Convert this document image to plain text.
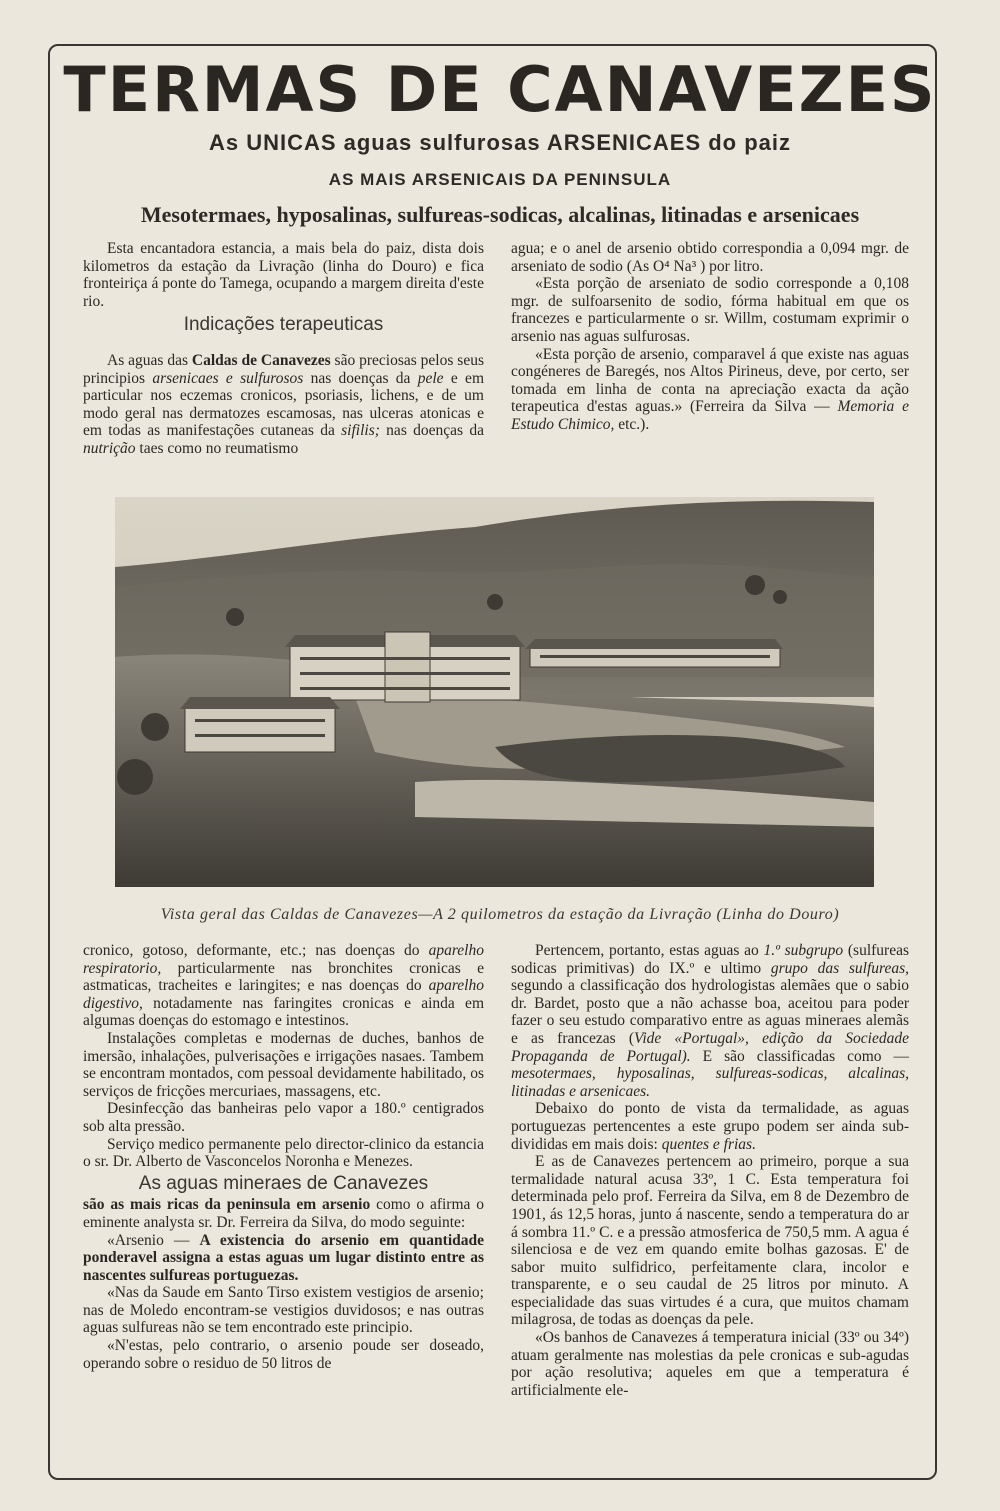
TERMAS DE CANAVEZES
As UNICAS aguas sulfurosas ARSENICAES do paiz
AS MAIS ARSENICAIS DA PENINSULA
Mesotermaes, hyposalinas, sulfureas-sodicas, alcalinas, litinadas e arsenicaes

Esta encantadora estancia, a mais bela do paiz, dista dois kilometros da estação da Livração (linha do Douro) e fica fronteiriça á ponte do Tamega, ocupando a margem direita d'este rio.

Indicações terapeuticas

As aguas das Caldas de Canavezes são preciosas pelos seus principios arsenicaes e sulfurosos nas doenças da pele e em particular nos eczemas cronicos, psoriasis, lichens, e de um modo geral nas dermatozes escamosas, nas ulceras atonicas e em todas as manifestações cutaneas da sifilis; nas doenças da nutrição taes como no reumatismo

agua; e o anel de arsenio obtido correspondia a 0,094 mgr. de arseniato de sodio (As O⁴ Na³ ) por litro.

«Esta porção de arseniato de sodio corresponde a 0,108 mgr. de sulfoarsenito de sodio, fórma habitual em que os francezes e particularmente o sr. Willm, costumam exprimir o arsenio nas aguas sulfurosas.

«Esta porção de arsenio, comparavel á que existe nas aguas congéneres de Baregés, nos Altos Pirineus, deve, por certo, ser tomada em linha de conta na apreciação exacta da ação terapeutica d'estas aguas.» (Ferreira da Silva — Memoria e Estudo Chimico, etc.).

Vista geral das Caldas de Canavezes—A 2 quilometros da estação da Livração (Linha do Douro)

cronico, gotoso, deformante, etc.; nas doenças do aparelho respiratorio, particularmente nas bronchites cronicas e astmaticas, tracheites e laringites; e nas doenças do aparelho digestivo, notadamente nas faringites cronicas e ainda em algumas doenças do estomago e intestinos.

Instalações completas e modernas de duches, banhos de imersão, inhalações, pulverisações e irrigações nasaes. Tambem se encontram montados, com pessoal devidamente habilitado, os serviços de fricções mercuriaes, massagens, etc.

Desinfecção das banheiras pelo vapor a 180.º centigrados sob alta pressão.

Serviço medico permanente pelo director-clinico da estancia o sr. Dr. Alberto de Vasconcelos Noronha e Menezes.

As aguas mineraes de Canavezes

são as mais ricas da peninsula em arsenio como o afirma o eminente analysta sr. Dr. Ferreira da Silva, do modo seguinte:

«Arsenio — A existencia do arsenio em quantidade ponderavel assigna a estas aguas um lugar distinto entre as nascentes sulfureas portuguezas.

«Nas da Saude em Santo Tirso existem vestigios de arsenio; nas de Moledo encontram-se vestigios duvidosos; e nas outras aguas sulfureas não se tem encontrado este principio.

«N'estas, pelo contrario, o arsenio poude ser doseado, operando sobre o residuo de 50 litros de

Pertencem, portanto, estas aguas ao 1.º subgrupo (sulfureas sodicas primitivas) do IX.º e ultimo grupo das sulfureas, segundo a classificação dos hydrologistas alemães que o sabio dr. Bardet, posto que a não achasse boa, aceitou para poder fazer o seu estudo comparativo entre as aguas mineraes alemãs e as francezas (Vide «Portugal», edição da Sociedade Propaganda de Portugal). E são classificadas como — mesotermaes, hyposalinas, sulfureas-sodicas, alcalinas, litinadas e arsenicaes.

Debaixo do ponto de vista da termalidade, as aguas portuguezas pertencentes a este grupo podem ser ainda sub-divididas em mais dois: quentes e frias.

E as de Canavezes pertencem ao primeiro, porque a sua termalidade natural acusa 33º, 1 C. Esta temperatura foi determinada pelo prof. Ferreira da Silva, em 8 de Dezembro de 1901, ás 12,5 horas, junto á nascente, sendo a temperatura do ar á sombra 11.º C. e a pressão atmosferica de 750,5 mm. A agua é silenciosa e de vez em quando emite bolhas gazosas. E' de sabor muito sulfidrico, perfeitamente clara, incolor e transparente, e o seu caudal de 25 litros por minuto. A especialidade das suas virtudes é a cura, que muitos chamam milagrosa, de todas as doenças da pele.

«Os banhos de Canavezes á temperatura inicial (33º ou 34º) atuam geralmente nas molestias da pele cronicas e sub-agudas por ação resolutiva; aqueles em que a temperatura é artificialmente ele-
